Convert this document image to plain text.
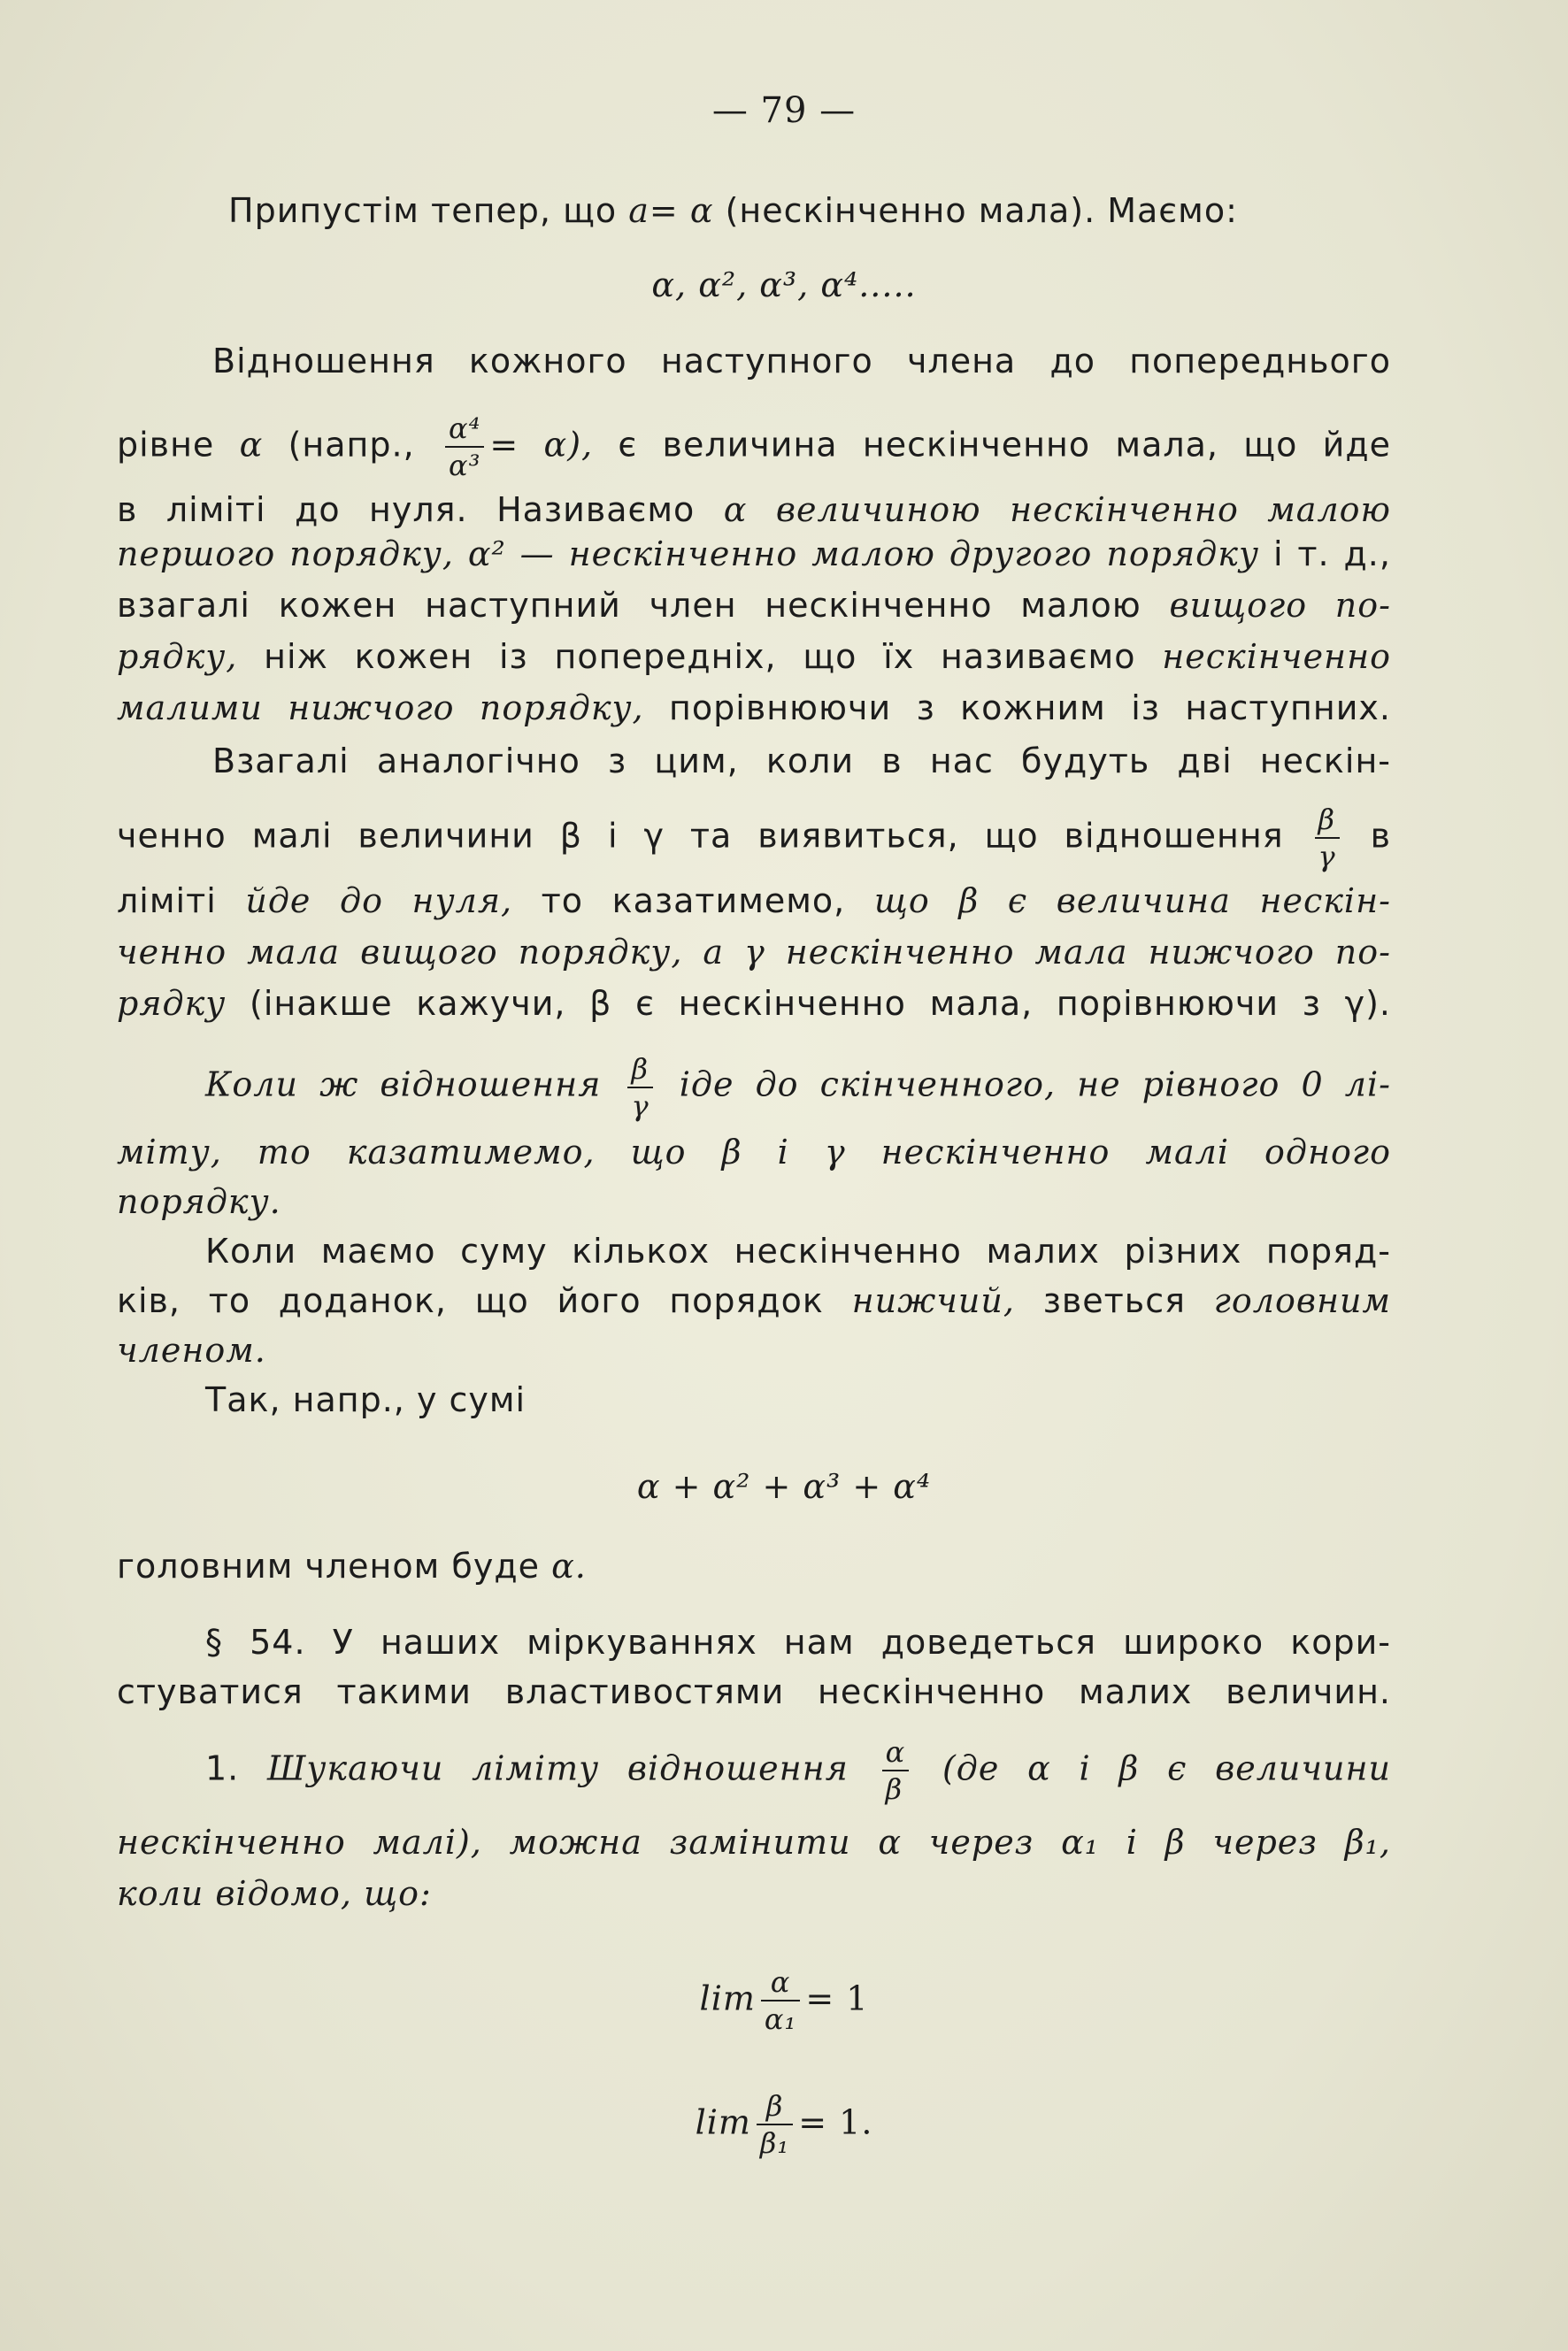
— 79 —
Припустім тепер, що a= α (нескінченно мала). Маємо:
α, α², α³, α⁴.....
Відношення кожного наступного члена до попереднього
рівне α (напр., $\frac{\text{α⁴}}{\text{α³}} = \alpha$), є величина нескінченно мала, що йде
в ліміті до нуля. Називаємо α величиною нескінченно малою
першого порядку, α² — нескінченно малою другого порядку і т. д.,
взагалі кожен наступний член нескінченно малою вищого по-
рядку, ніж кожен із попередніх, що їх називаємо нескінченно
малими нижчого порядку, порівнюючи з кожним із наступних.
Взагалі аналогічно з цим, коли в нас будуть дві нескін-
ченно малі величини β і γ та виявиться, що відношення $\frac{\beta}{\gamma}$ в
ліміті йде до нуля, то казатимемо, що β є величина нескін-
ченно мала вищого порядку, а γ нескінченно мала нижчого по-
рядку (інакше кажучи, β є нескінченно мала, порівнюючи з γ).
Коли ж відношення $\frac{\beta}{\gamma}$ іде до скінченного, не рівного 0 лі-
міту, то казатимемо, що β і γ нескінченно малі одного
порядку.
Коли маємо суму кількох нескінченно малих різних поряд-
ків, то доданок, що його порядок нижчий, зветься головним
членом.
Так, напр., у сумі
α + α² + α³ + α⁴
головним членом буде α.
§ 54. У наших міркуваннях нам доведеться широко кори-
стуватися такими властивостями нескінченно малих величин.
1. Шукаючи ліміту відношення $\frac{\alpha}{\beta} (де$ α і β є величини
нескінченно малі), можна замінити α через α₁ і β через β₁,
коли відомо, що:
$\lim \frac{\alpha}{\text{α₁}} = 1$
$\lim \frac{\beta}{\text{β₁}} = 1$.
